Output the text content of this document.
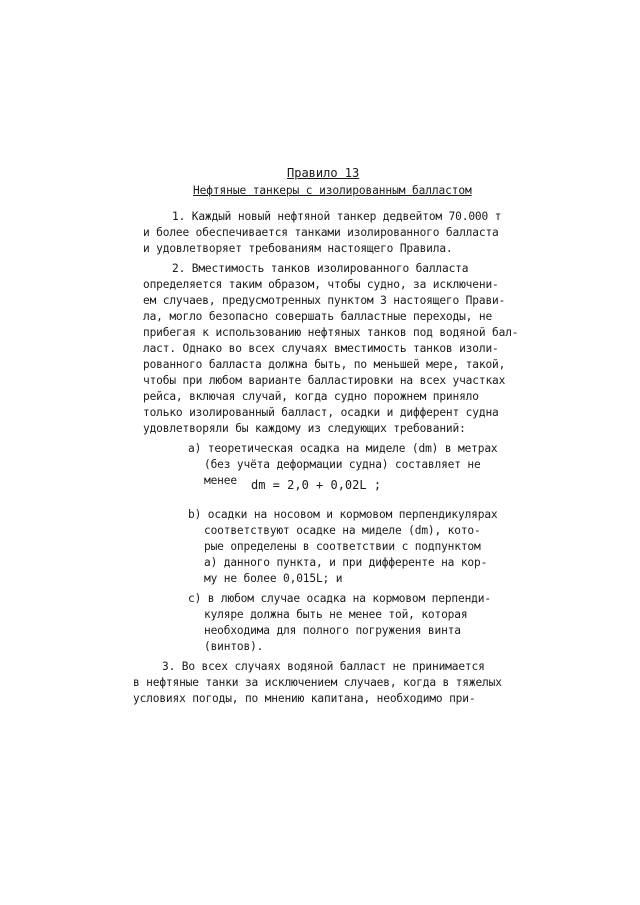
Правило 13
Нефтяные танкеры с изолированным балластом
1. Каждый новый нефтяной танкер дедвейтом 70.000 т
и более обеспечивается танками изолированного балласта
и удовлетворяет требованиям настоящего Правила.
2. Вместимость танков изолированного балласта
определяется таким образом, чтобы судно, за исключени-
ем случаев, предусмотренных пунктом 3 настоящего Прави-
ла, могло безопасно совершать балластные переходы, не
прибегая к использованию нефтяных танков под водяной бал-
ласт. Однако во всех случаях вместимость танков изоли-
рованного балласта должна быть, по меньшей мере, такой,
чтобы при любом варианте балластировки на всех участках
рейса, включая случай, когда судно порожнем приняло
только изолированный балласт, осадки и дифферент судна
удовлетворяли бы каждому из следующих требований:
а) теоретическая осадка на миделе (dm) в метрах
(без учёта деформации судна) составляет не
менее dm = 2,0 + 0,02L ;
b) осадки на носовом и кормовом перпендикулярах
соответствуют осадке на миделе (dm), кото-
рые определены в соответствии с подпунктом
а) данного пункта, и при дифференте на кор-
му не более 0,015L; и
с) в любом случае осадка на кормовом перпенди-
куляре должна быть не менее той, которая
необходима для полного погружения винта
(винтов).
3. Во всех случаях водяной балласт не принимается
в нефтяные танки за исключением случаев, когда в тяжелых
условиях погоды, по мнению капитана, необходимо при-
